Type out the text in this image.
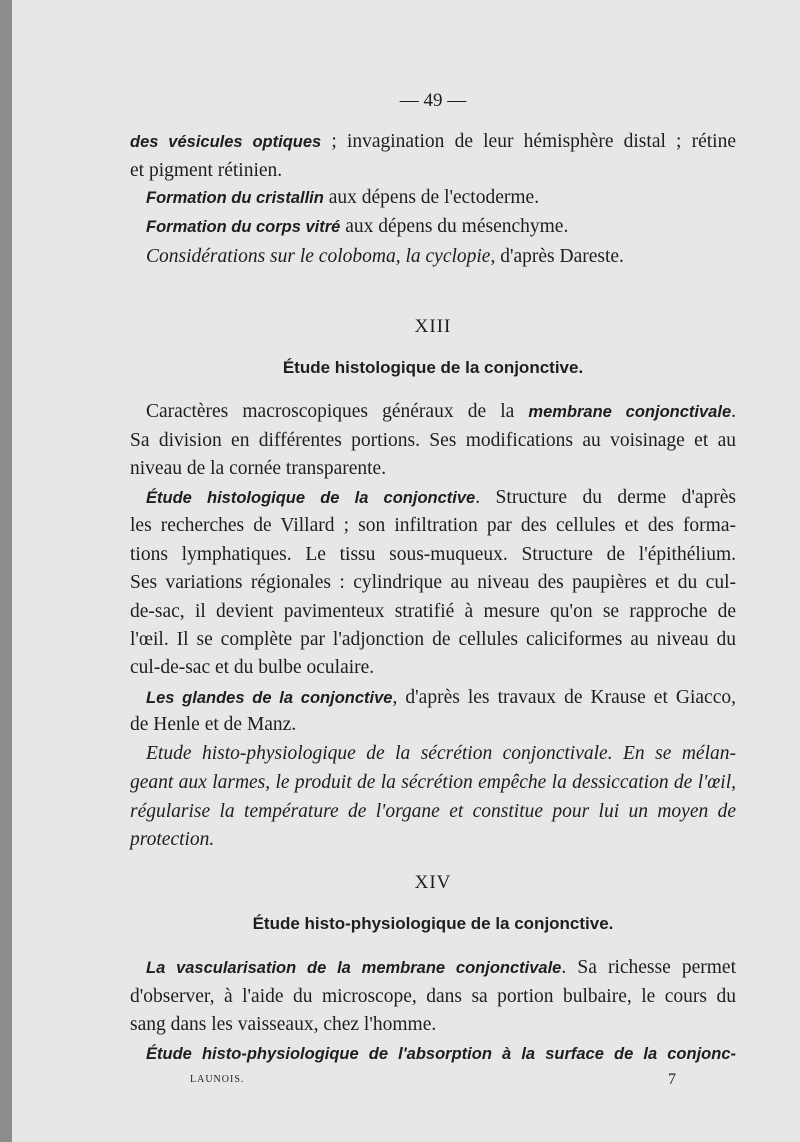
— 49 —
des vésicules optiques ; invagination de leur hémisphère distal ; rétine
et pigment rétinien.
Formation du cristallin aux dépens de l'ectoderme.
Formation du corps vitré aux dépens du mésenchyme.
Considérations sur le coloboma, la cyclopie, d'après Dareste.
XIII
Étude histologique de la conjonctive.
Caractères macroscopiques généraux de la membrane conjonctivale.
Sa division en différentes portions. Ses modifications au voisinage et au
niveau de la cornée transparente.
Étude histologique de la conjonctive. Structure du derme d'après
les recherches de Villard ; son infiltration par des cellules et des forma-
tions lymphatiques. Le tissu sous-muqueux. Structure de l'épithélium.
Ses variations régionales : cylindrique au niveau des paupières et du cul-
de-sac, il devient pavimenteux stratifié à mesure qu'on se rapproche de
l'œil. Il se complète par l'adjonction de cellules caliciformes au niveau du
cul-de-sac et du bulbe oculaire.
Les glandes de la conjonctive, d'après les travaux de Krause et Giacco,
de Henle et de Manz.
Etude histo-physiologique de la sécrétion conjonctivale. En se mélan-
geant aux larmes, le produit de la sécrétion empêche la dessiccation de l'œil,
régularise la température de l'organe et constitue pour lui un moyen de
protection.
XIV
Étude histo-physiologique de la conjonctive.
La vascularisation de la membrane conjonctivale. Sa richesse permet
d'observer, à l'aide du microscope, dans sa portion bulbaire, le cours du
sang dans les vaisseaux, chez l'homme.
Étude histo-physiologique de l'absorption à la surface de la conjonc-
LAUNOIS.	7
